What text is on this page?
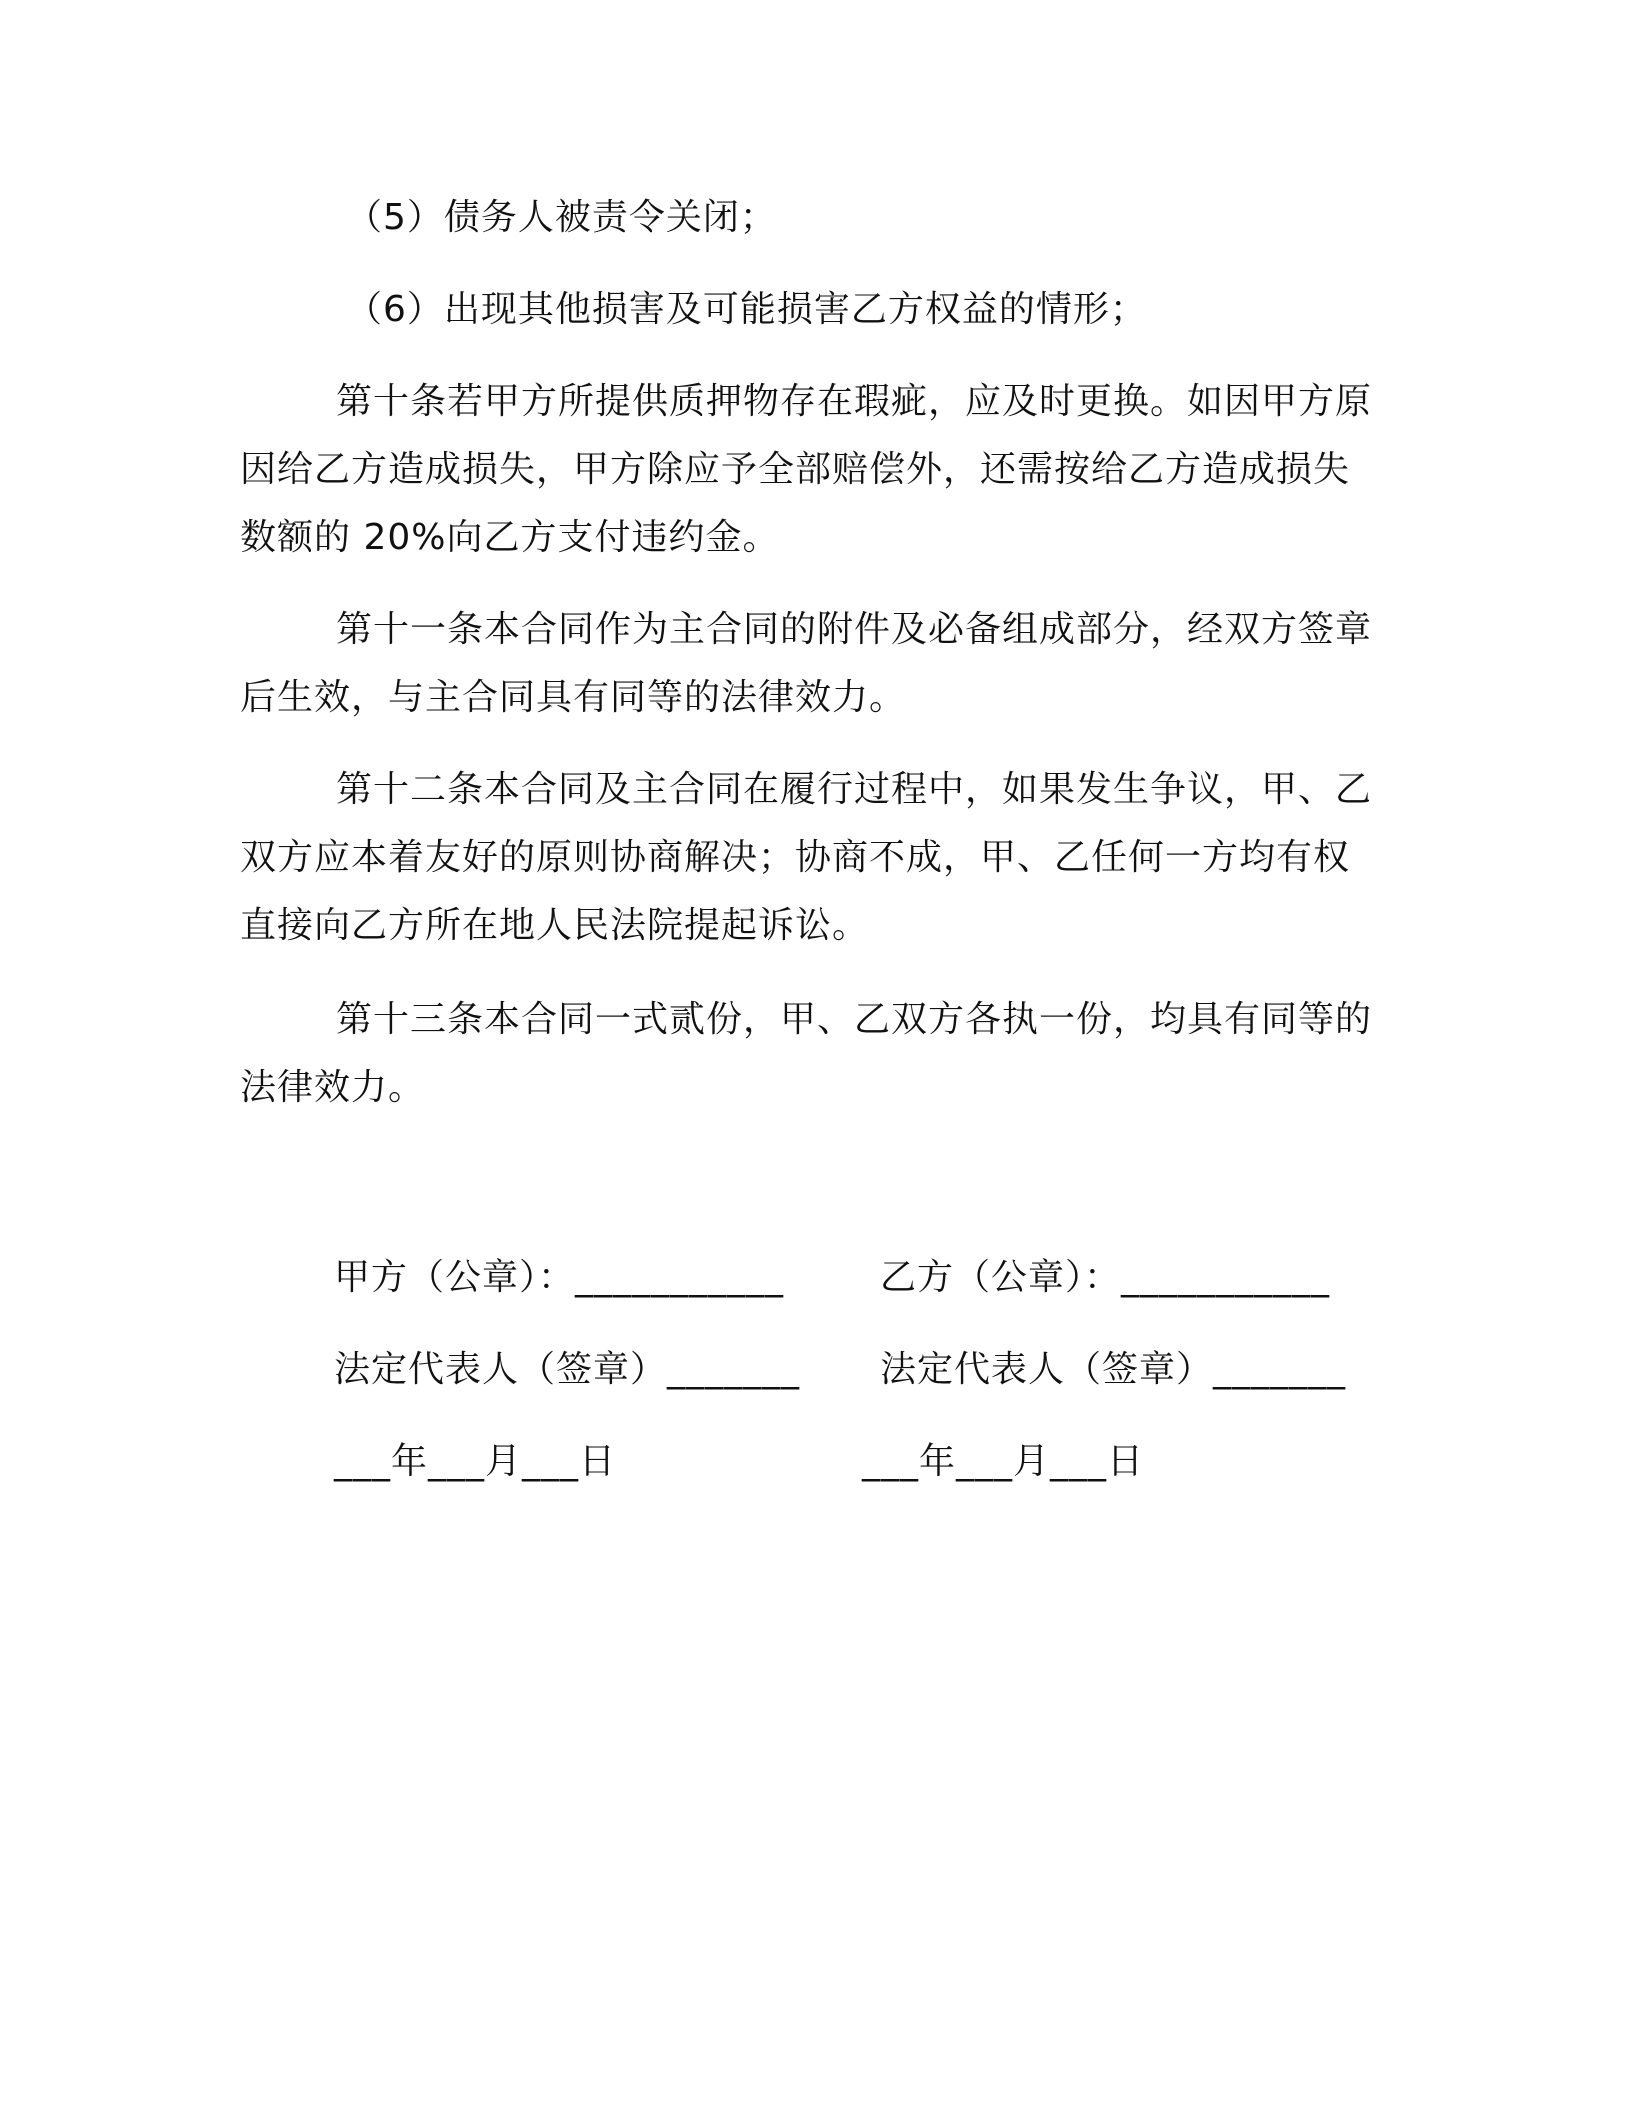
（5）债务人被责令关闭；
（6）出现其他损害及可能损害乙方权益的情形；
第十条若甲方所提供质押物存在瑕疵，应及时更换。如因甲方原因给乙方造成损失，甲方除应予全部赔偿外，还需按给乙方造成损失数额的 20%向乙方支付违约金。
第十一条本合同作为主合同的附件及必备组成部分，经双方签章后生效，与主合同具有同等的法律效力。
第十二条本合同及主合同在履行过程中，如果发生争议，甲、乙双方应本着友好的原则协商解决；协商不成，甲、乙任何一方均有权直接向乙方所在地人民法院提起诉讼。
第十三条本合同一式贰份，甲、乙双方各执一份，均具有同等的法律效力。
甲方（公章）：___________	乙方（公章）：___________
法定代表人（签章）_______ 法定代表人（签章）_______
___年___月___日	___年___月___日
